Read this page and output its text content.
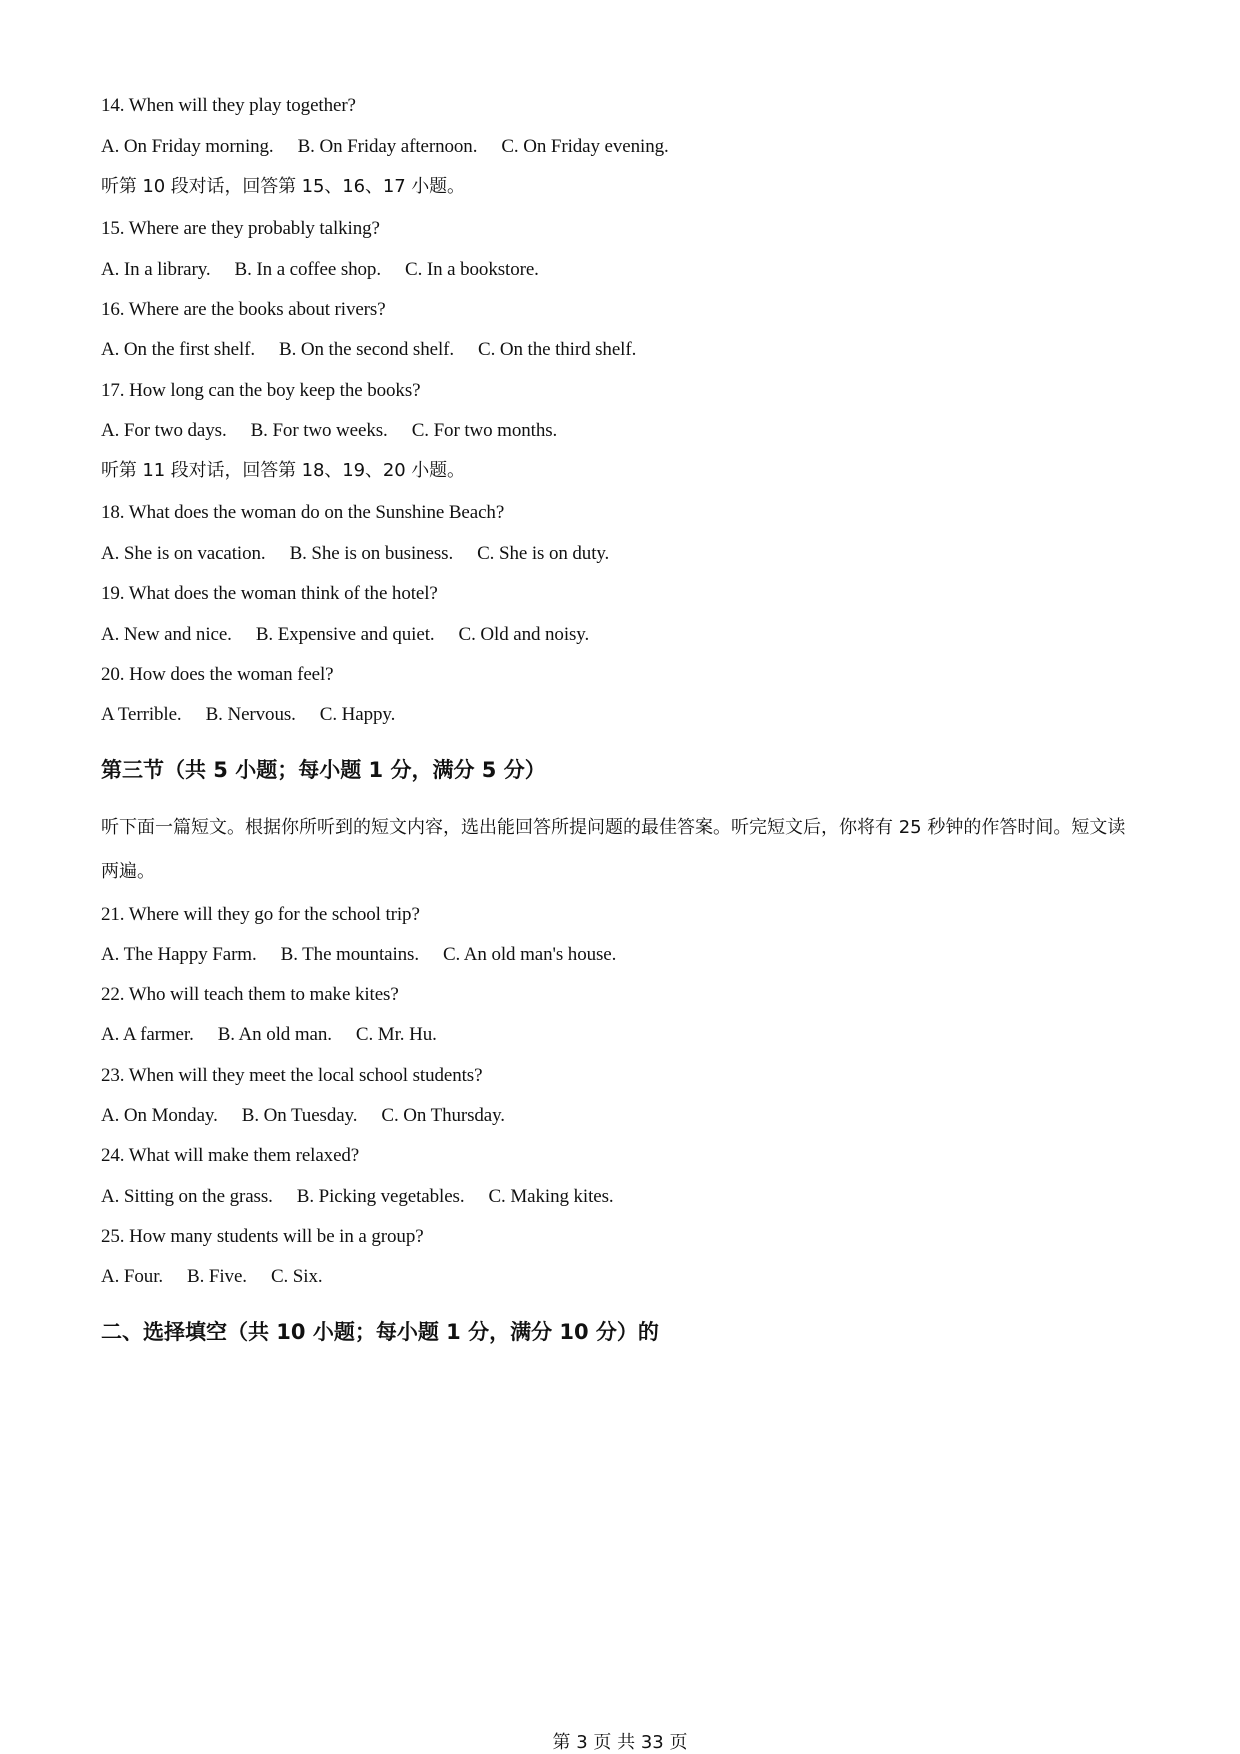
14. When will they play together?
A. On Friday morning. B. On Friday afternoon. C. On Friday evening.
听第 10 段对话，回答第 15、16、17 小题。
15. Where are they probably talking?
A. In a library. B. In a coffee shop. C. In a bookstore.
16. Where are the books about rivers?
A. On the first shelf. B. On the second shelf. C. On the third shelf.
17. How long can the boy keep the books?
A. For two days. B. For two weeks. C. For two months.
听第 11 段对话，回答第 18、19、20 小题。
18. What does the woman do on the Sunshine Beach?
A. She is on vacation. B. She is on business. C. She is on duty.
19. What does the woman think of the hotel?
A. New and nice. B. Expensive and quiet. C. Old and noisy.
20. How does the woman feel?
A Terrible. B. Nervous. C. Happy.
第三节（共 5 小题；每小题 1 分，满分 5 分）
听下面一篇短文。根据你所听到的短文内容，选出能回答所提问题的最佳答案。听完短文后，你将有 25 秒钟的作答时间。短文读两遍。
21. Where will they go for the school trip?
A. The Happy Farm. B. The mountains. C. An old man's house.
22. Who will teach them to make kites?
A. A farmer. B. An old man. C. Mr. Hu.
23. When will they meet the local school students?
A. On Monday. B. On Tuesday. C. On Thursday.
24. What will make them relaxed?
A. Sitting on the grass. B. Picking vegetables. C. Making kites.
25. How many students will be in a group?
A. Four. B. Five. C. Six.
二、选择填空（共 10 小题；每小题 1 分，满分 10 分）的
第 3 页 共 33 页
